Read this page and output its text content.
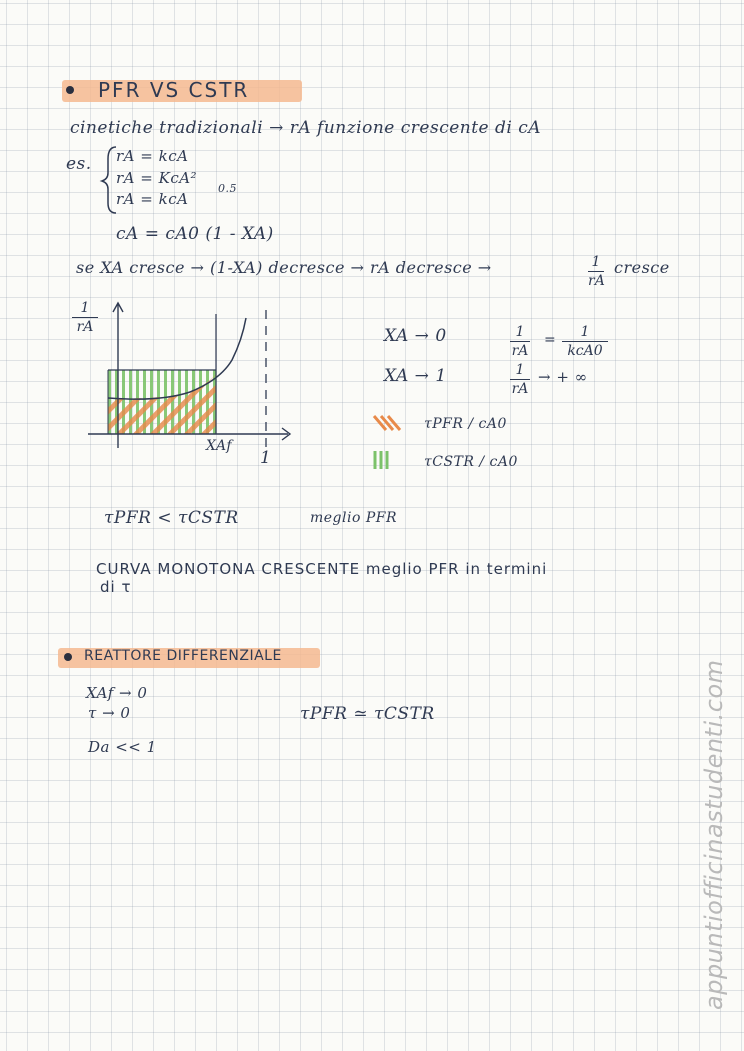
PFR VS CSTR
cinetiche tradizionali → rA funzione crescente di cA
es. rA = kcA
rA = KcA²
rA = kcA
0.5
cA = cA0 (1 - XA)
se XA cresce → (1-XA) decresce → rA decresce →	1
rA
cresce
1
rA
XAf
1
XA → 0	1
rA
=	1
kcA0
XA → 1	1
rA
→ + ∞
τPFR / cA0
τCSTR / cA0
τPFR < τCSTR	meglio PFR
CURVA MONOTONA CRESCENTE meglio PFR in termini
di τ
REATTORE DIFFERENZIALE
XAf → 0
τ → 0
Da << 1
τPFR ≃ τCSTR	appuntiofficinastudenti.com
